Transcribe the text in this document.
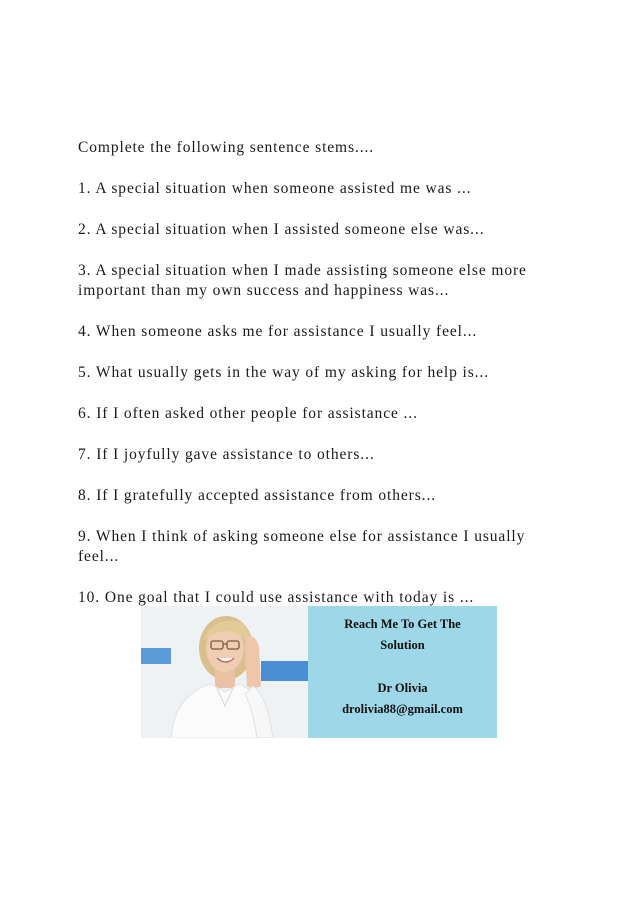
Complete the following sentence stems....

1. A special situation when someone assisted me was ...

2. A special situation when I assisted someone else was...

3. A special situation when I made assisting someone else more important than my own success and happiness was...

4. When someone asks me for assistance I usually feel...

5. What usually gets in the way of my asking for help is...

6. If I often asked other people for assistance ...

7. If I joyfully gave assistance to others...

8. If I gratefully accepted assistance from others...

9. When I think of asking someone else for assistance I usually feel...

10. One goal that I could use assistance with today is ...

Reach Me To Get The
Solution
Dr Olivia
drolivia88@gmail.com
